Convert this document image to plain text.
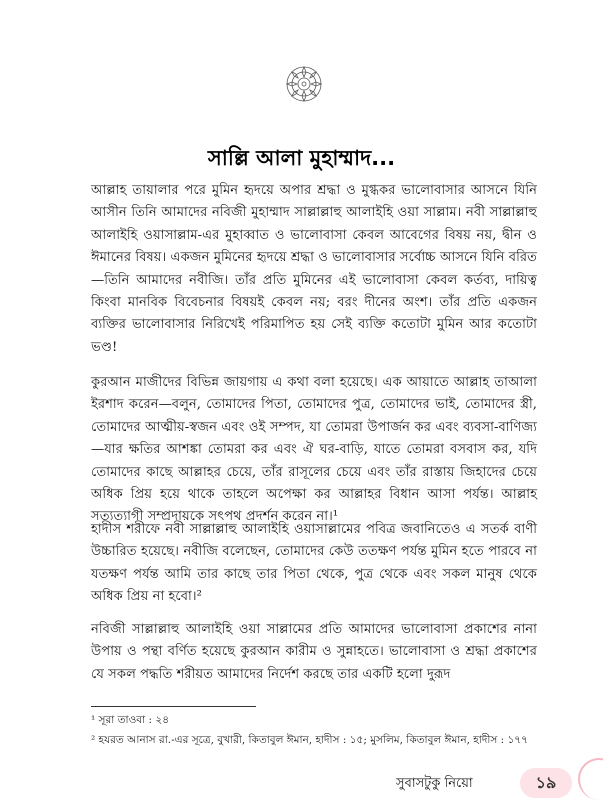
সাল্লি আলা মুহাম্মাদ...

আল্লাহ তায়ালার পরে মুমিন হৃদয়ে অপার শ্রদ্ধা ও মুগ্ধকর ভালোবাসার আসনে যিনি আসীন তিনি আমাদের নবিজী মুহাম্মাদ সাল্লাল্লাহু আলাইহি ওয়া সাল্লাম। নবী সাল্লাল্লাহু আলাইহি ওয়াসাল্লাম-এর মুহাব্বাত ও ভালোবাসা কেবল আবেগের বিষয় নয়, দ্বীন ও ঈমানের বিষয়। একজন মুমিনের হৃদয়ে শ্রদ্ধা ও ভালোবাসার সর্বোচ্চ আসনে যিনি বরিত—তিনি আমাদের নবীজি। তাঁর প্রতি মুমিনের এই ভালোবাসা কেবল কর্তব্য, দায়িত্ব কিংবা মানবিক বিবেচনার বিষয়ই কেবল নয়; বরং দীনের অংশ। তাঁর প্রতি একজন ব্যক্তির ভালোবাসার নিরিখেই পরিমাপিত হয় সেই ব্যক্তি কতোটা মুমিন আর কতোটা ভণ্ড!

কুরআন মাজীদের বিভিন্ন জায়গায় এ কথা বলা হয়েছে। এক আয়াতে আল্লাহ তাআলা ইরশাদ করেন—বলুন, তোমাদের পিতা, তোমাদের পুত্র, তোমাদের ভাই, তোমাদের স্ত্রী, তোমাদের আত্মীয়-স্বজন এবং ওই সম্পদ, যা তোমরা উপার্জন কর এবং ব্যবসা-বাণিজ্য—যার ক্ষতির আশঙ্কা তোমরা কর এবং ঐ ঘর-বাড়ি, যাতে তোমরা বসবাস কর, যদি তোমাদের কাছে আল্লাহর চেয়ে, তাঁর রাসূলের চেয়ে এবং তাঁর রাস্তায় জিহাদের চেয়ে অধিক প্রিয় হয়ে থাকে তাহলে অপেক্ষা কর আল্লাহর বিধান আসা পর্যন্ত। আল্লাহ সত্যত্যাগী সম্প্রদায়কে সৎপথ প্রদর্শন করেন না।¹

হাদীস শরীফে নবী সাল্লাল্লাহু আলাইহি ওয়াসাল্লামের পবিত্র জবানিতেও এ সতর্ক বাণী উচ্চারিত হয়েছে। নবীজি বলেছেন, তোমাদের কেউ ততক্ষণ পর্যন্ত মুমিন হতে পারবে না যতক্ষণ পর্যন্ত আমি তার কাছে তার পিতা থেকে, পুত্র থেকে এবং সকল মানুষ থেকে অধিক প্রিয় না হবো।²

নবিজী সাল্লাল্লাহু আলাইহি ওয়া সাল্লামের প্রতি আমাদের ভালোবাসা প্রকাশের নানা উপায় ও পন্থা বর্ণিত হয়েছে কুরআন কারীম ও সুন্নাহতে। ভালোবাসা ও শ্রদ্ধা প্রকাশের যে সকল পদ্ধতি শরীয়ত আমাদের নির্দেশ করছে তার একটি হলো দুরূদ

¹ সূরা তাওবা : ২৪

² হযরত আনাস রা.-এর সূত্রে, বুখারী, কিতাবুল ঈমান, হাদীস : ১৫; মুসলিম, কিতাবুল ঈমান, হাদীস : ১৭৭

সুবাসটুকু নিয়ো	১৯
